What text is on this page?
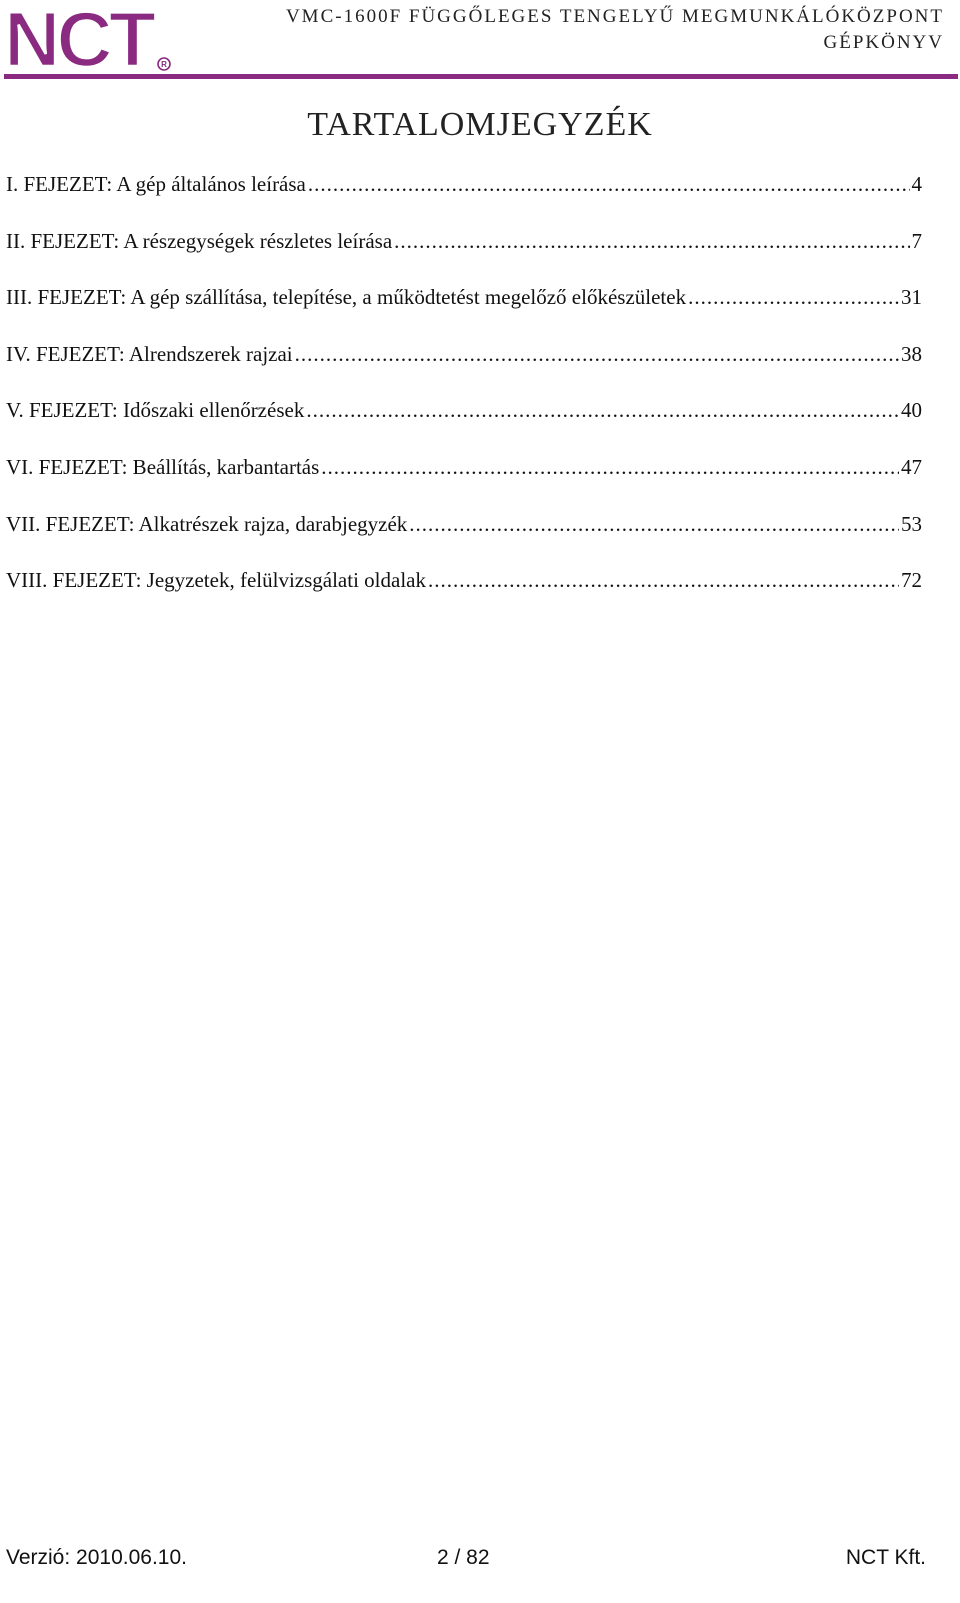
NCT	R
VMC-1600F FÜGGŐLEGES TENGELYŰ MEGMUNKÁLÓKÖZPONT
GÉPKÖNYV
TARTALOMJEGYZÉK
I. FEJEZET: A gép általános leírása .....	4
II. FEJEZET: A részegységek részletes leírása .....	7
III. FEJEZET: A gép szállítása, telepítése, a működtetést megelőző előkészületek .....	31
IV. FEJEZET: Alrendszerek rajzai .....	38
V. FEJEZET: Időszaki ellenőrzések .....	40
VI. FEJEZET: Beállítás, karbantartás .....	47
VII. FEJEZET: Alkatrészek rajza, darabjegyzék .....	53
VIII. FEJEZET: Jegyzetek, felülvizsgálati oldalak .....	72
Verzió: 2010.06.10.	2 / 82	NCT Kft.
